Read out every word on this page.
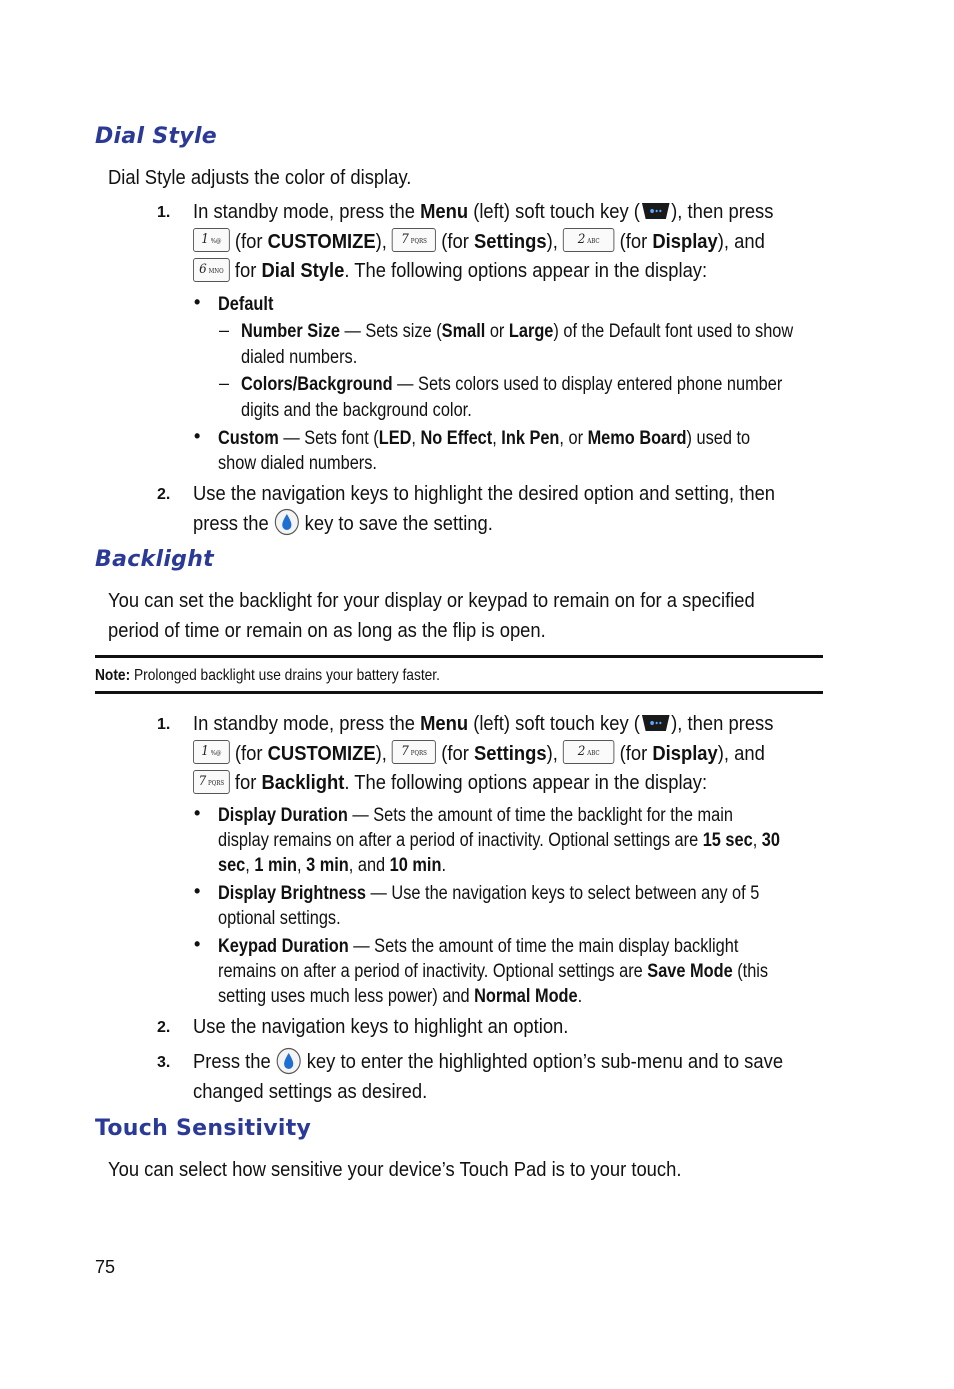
Dial Style
Dial Style adjusts the color of display.
1. In standby mode, press the Menu (left) soft touch key ( ), then press
1 %@ (for CUSTOMIZE), 7 PQRS (for Settings), 2 ABC (for Display), and
6 MNO for Dial Style. The following options appear in the display:
• Default
– Number Size — Sets size (Small or Large) of the Default font used to show dialed numbers.
– Colors/Background — Sets colors used to display entered phone number digits and the background color.
• Custom — Sets font (LED, No Effect, Ink Pen, or Memo Board) used to show dialed numbers.
2. Use the navigation keys to highlight the desired option and setting, then press the  key to save the setting.
Backlight
You can set the backlight for your display or keypad to remain on for a specified period of time or remain on as long as the flip is open.
Note: Prolonged backlight use drains your battery faster.
1. In standby mode, press the Menu (left) soft touch key ( ), then press
1 %@ (for CUSTOMIZE), 7 PQRS (for Settings), 2 ABC (for Display), and
7 PQRS for Backlight. The following options appear in the display:
• Display Duration — Sets the amount of time the backlight for the main display remains on after a period of inactivity. Optional settings are 15 sec, 30 sec, 1 min, 3 min, and 10 min.
• Display Brightness — Use the navigation keys to select between any of 5 optional settings.
• Keypad Duration — Sets the amount of time the main display backlight remains on after a period of inactivity. Optional settings are Save Mode (this setting uses much less power) and Normal Mode.
2. Use the navigation keys to highlight an option.
3. Press the  key to enter the highlighted option’s sub-menu and to save changed settings as desired.
Touch Sensitivity
You can select how sensitive your device’s Touch Pad is to your touch.
75
